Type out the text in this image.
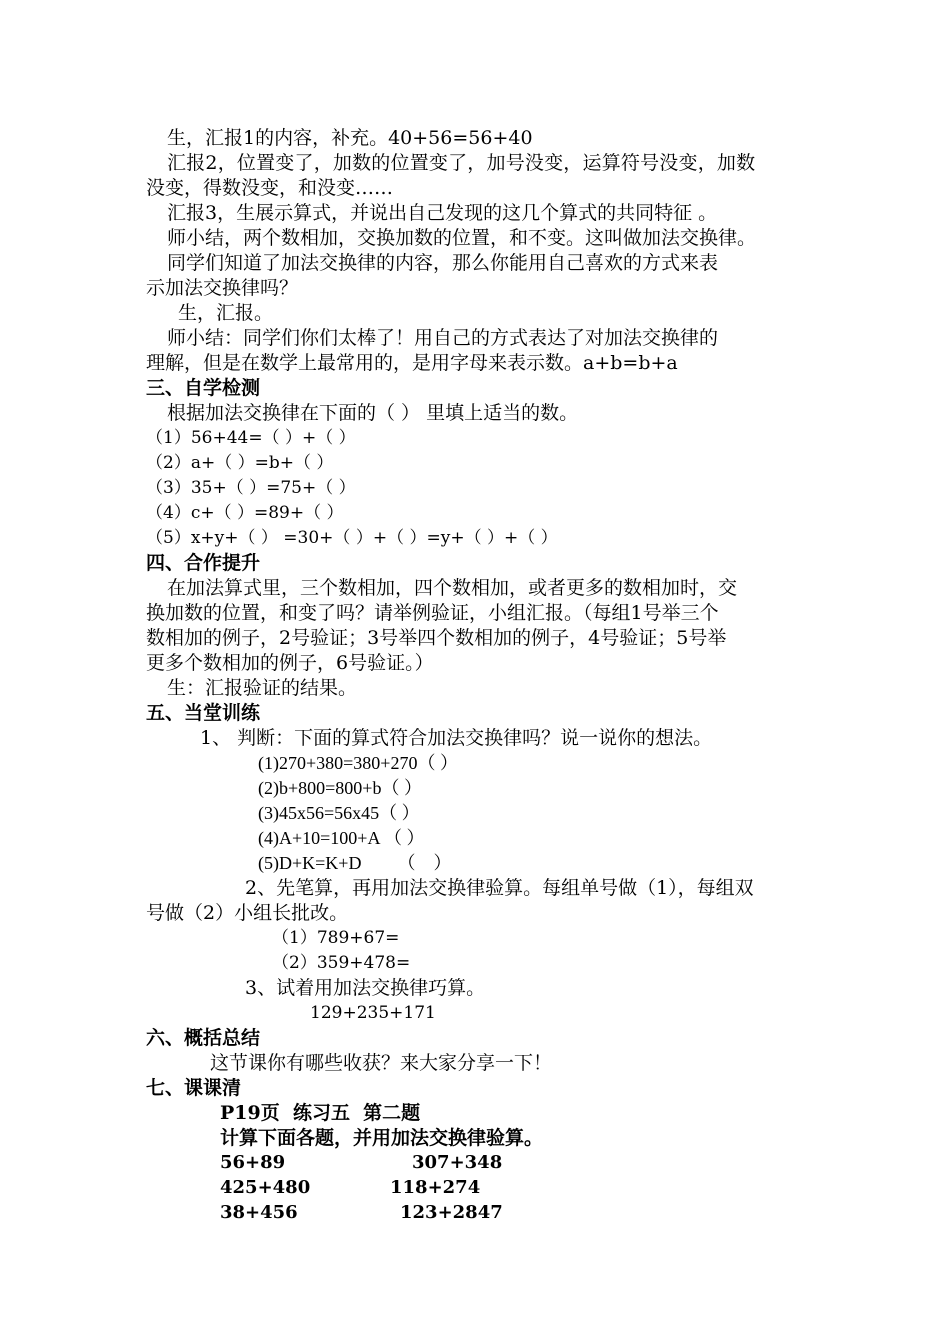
生，汇报1的内容，补充。40+56=56+40
汇报2，位置变了，加数的位置变了，加号没变，运算符号没变，加数
没变，得数没变，和没变……
汇报3，生展示算式，并说出自己发现的这几个算式的共同特征 。
师小结，两个数相加，交换加数的位置，和不变。这叫做加法交换律。
同学们知道了加法交换律的内容，那么你能用自己喜欢的方式来表
示加法交换律吗？
生，汇报。
师小结：同学们你们太棒了！用自己的方式表达了对加法交换律的
理解，但是在数学上最常用的，是用字母来表示数。a+b=b+a
三、自学检测
根据加法交换律在下面的（ ） 里填上适当的数。
（1）56+44=（ ）+（ ）
（2）a+（ ）=b+（ ）
（3）35+（ ）=75+（ ）
（4）c+（ ）=89+（ ）
（5）x+y+（ ） =30+（ ）+（ ）=y+（ ）+（ ）
四、合作提升
在加法算式里，三个数相加，四个数相加，或者更多的数相加时，交
换加数的位置，和变了吗？请举例验证，小组汇报。（每组1号举三个
数相加的例子，2号验证；3号举四个数相加的例子，4号验证；5号举
更多个数相加的例子，6号验证。）
生：汇报验证的结果。
五、当堂训练
1、 判断：下面的算式符合加法交换律吗？说一说你的想法。
(1)270+380=380+270（ ）
(2)b+800=800+b（ ）
(3)45x56=56x45（ ）
(4)A+10=100+A （ ）
(5)D+K=K+D        （    ）
2、先笔算，再用加法交换律验算。每组单号做（1），每组双
号做（2）小组长批改。
（1）789+67=
（2）359+478=
3、试着用加法交换律巧算。
129+235+171
六、概括总结
这节课你有哪些收获？来大家分享一下！
七、课课清
P19页  练习五  第二题
计算下面各题，并用加法交换律验算。
56+89	307+348
425+480	118+274
38+456	123+2847
